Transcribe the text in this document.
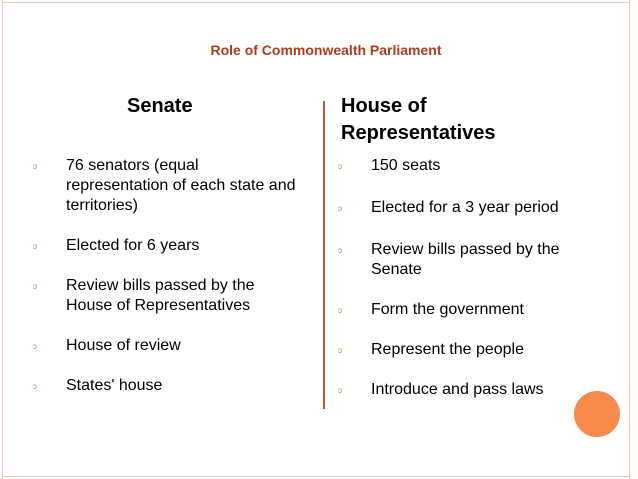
Role of Commonwealth Parliament
Senate	House of Representatives
ↄ 76 senators (equal representation of each state and territories)
ↄ Elected for 6 years
ↄ Review bills passed by the House of Representatives
ↄ House of review
ↄ States' house
ↄ 150 seats
ↄ Elected for a 3 year period
ↄ Review bills passed by the Senate
ↄ Form the government
ↄ Represent the people
ↄ Introduce and pass laws
